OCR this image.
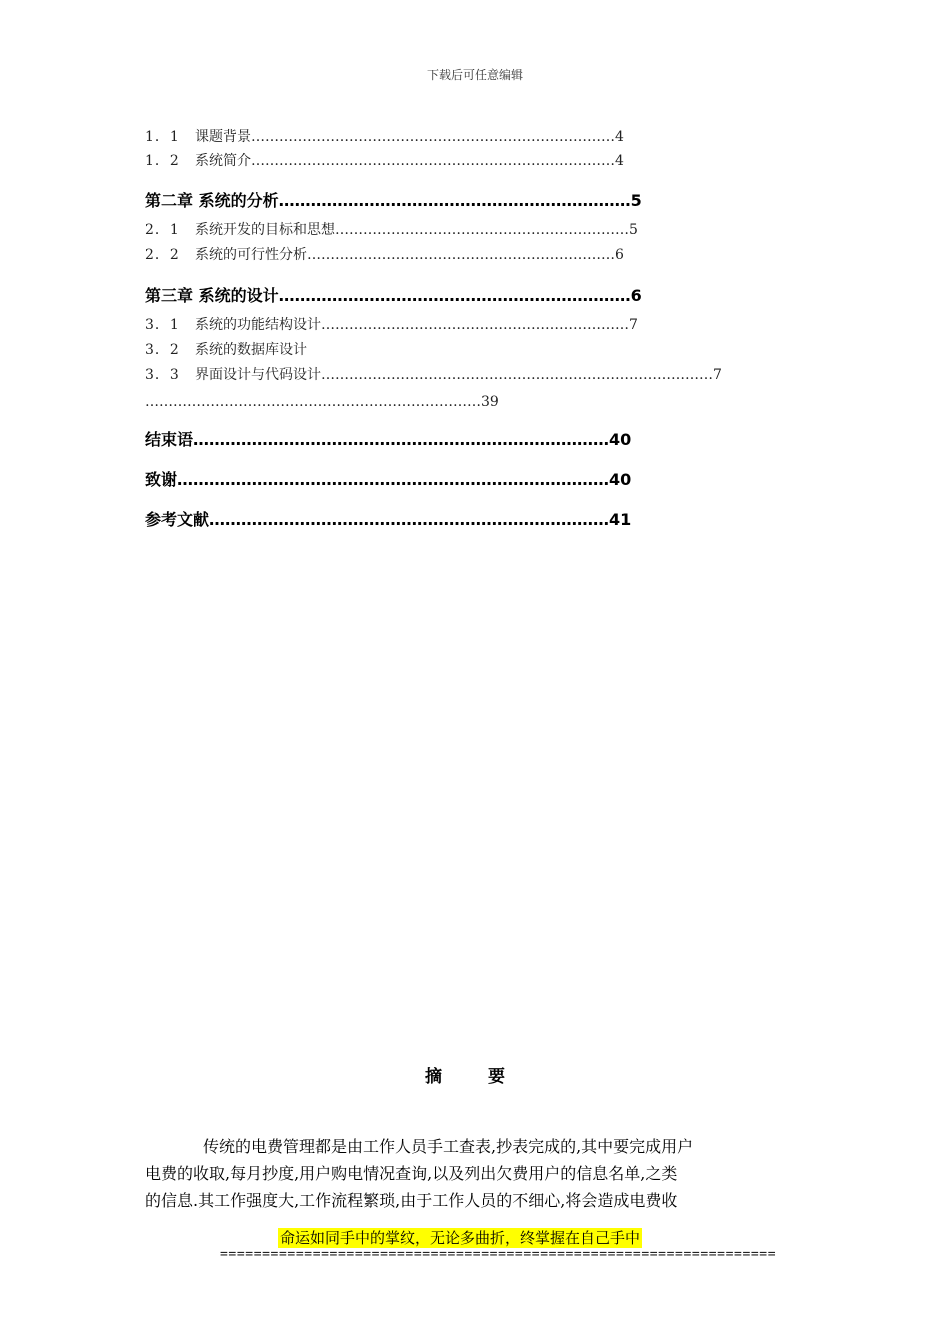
下载后可任意编辑
1．1 课题背景……………………………………………………………………4
1．2 系统简介……………………………………………………………………4
第二章 系统的分析…………………………………………………………5
2．1 系统开发的目标和思想………………………………………………………5
2．2 系统的可行性分析…………………………………………………………6
第三章 系统的设计…………………………………………………………6
3．1 系统的功能结构设计…………………………………………………………7
3．2 系统的数据库设计
3．3 界面设计与代码设计…………………………………………………………………………7
………………………………………………………………39
结束语……………………………………………………………………40
致谢………………………………………………………………………40
参考文献…………………………………………………………………41
摘 要
传统的电费管理都是由工作人员手工查表,抄表完成的,其中要完成用户
电费的收取,每月抄度,用户购电情况查询,以及列出欠费用户的信息名单,之类
的信息.其工作强度大,工作流程繁琐,由于工作人员的不细心,将会造成电费收
命运如同手中的掌纹，无论多曲折，终掌握在自己手中
==================================================================
